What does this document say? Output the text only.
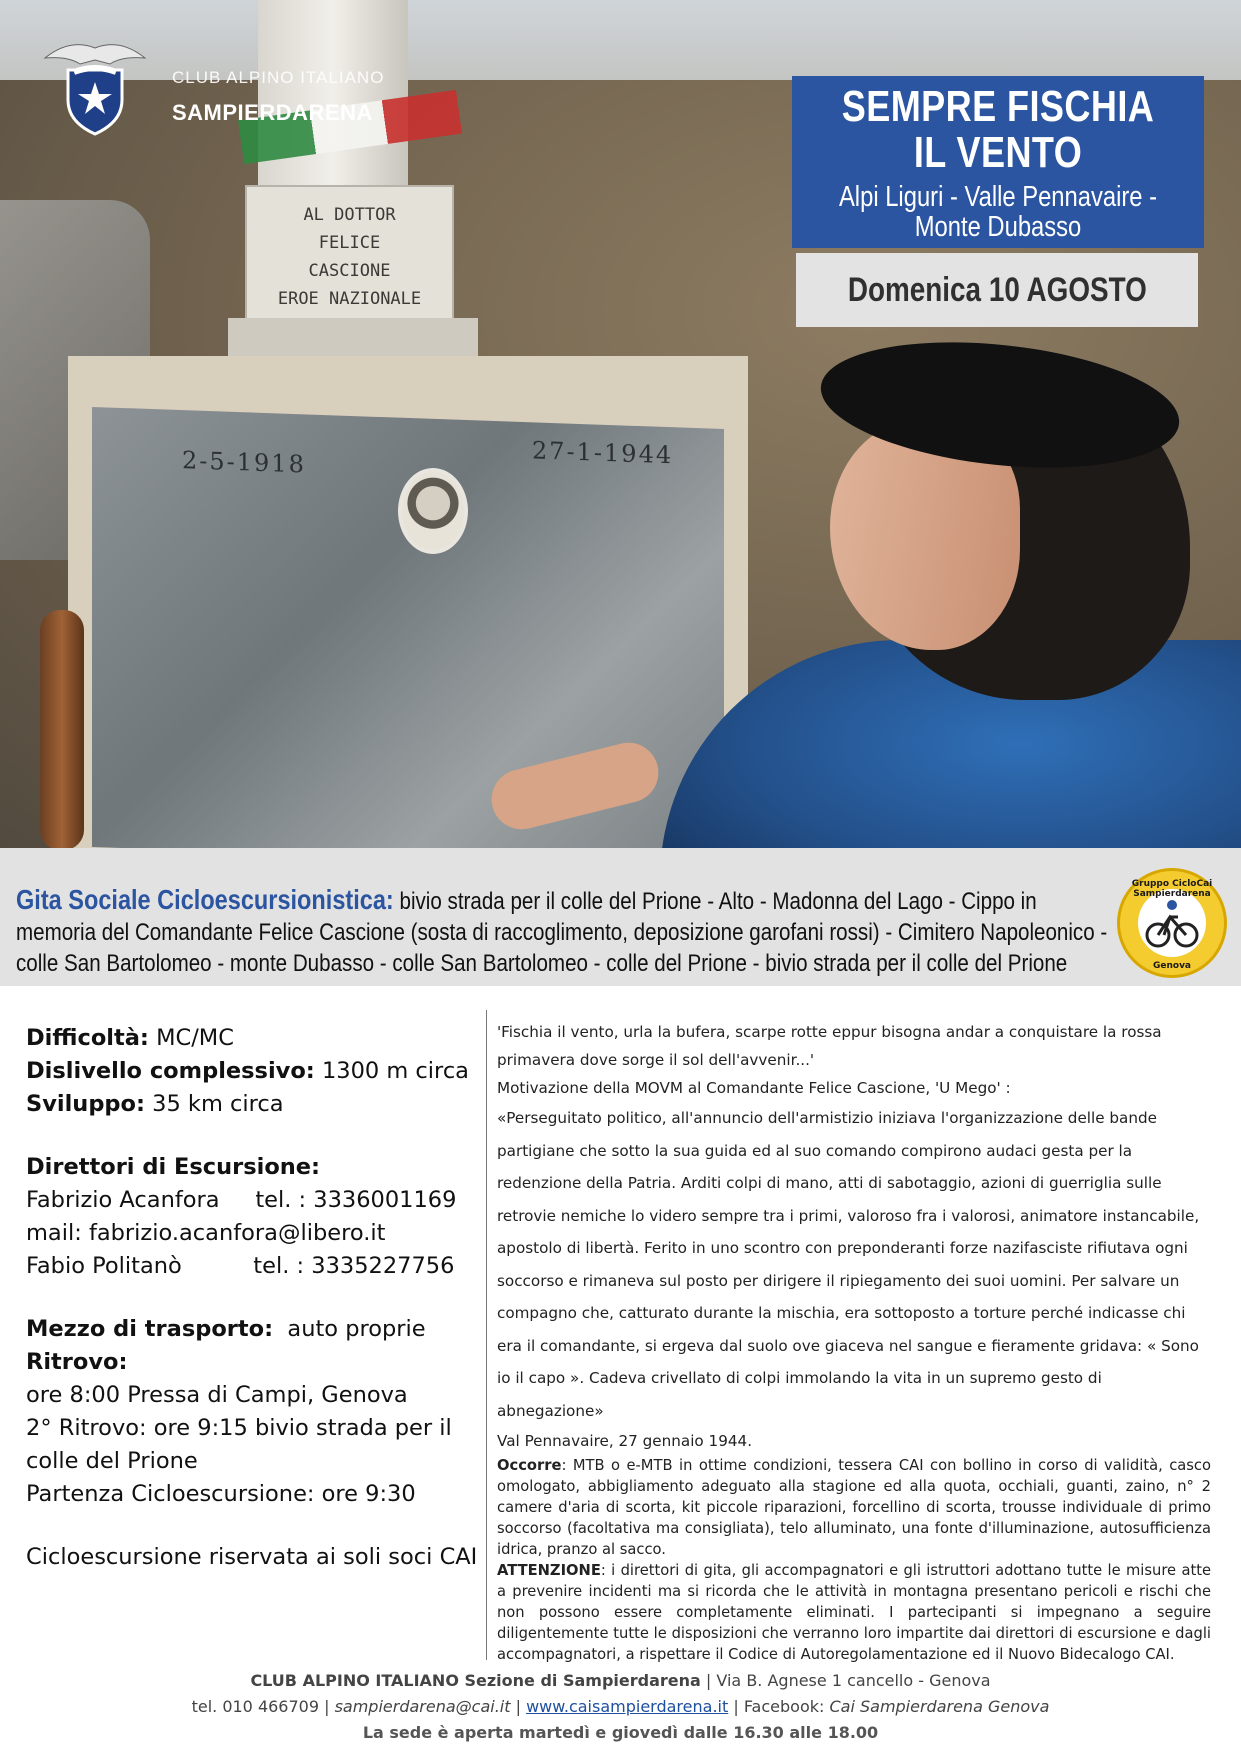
AL DOTTOR
FELICE
CASCIONE
EROE NAZIONALE
2-5-1918	27-1-1944
CLUB ALPINO ITALIANO
SAMPIERDARENA	SEMPRE FISCHIA IL VENTO
Alpi Liguri - Valle Pennavaire - Monte Dubasso
Domenica 10 AGOSTO
Gita Sociale Cicloescursionistica: bivio strada per il colle del Prione - Alto - Madonna del Lago - Cippo in memoria del Comandante Felice Cascione (sosta di raccoglimento, deposizione garofani rossi) - Cimitero Napoleonico - colle San Bartolomeo - monte Dubasso - colle San Bartolomeo - colle del Prione - bivio strada per il colle del Prione
Gruppo CicloCai Sampierdarena
Genova
Difficoltà: MC/MC
Dislivello complessivo: 1300 m circa
Sviluppo: 35 km circa
Direttori di Escursione:
Fabrizio Acanfora     tel. : 3336001169
mail: fabrizio.acanfora@libero.it
Fabio Politanò          tel. : 3335227756
Mezzo di trasporto: auto proprie
Ritrovo:
ore 8:00 Pressa di Campi, Genova
2° Ritrovo: ore 9:15 bivio strada per il colle del Prione
Partenza Cicloescursione: ore 9:30
Cicloescursione riservata ai soli soci CAI

'Fischia il vento, urla la bufera, scarpe rotte eppur bisogna andar a conquistare la rossa primavera dove sorge il sol dell'avvenir...'

Motivazione della MOVM al Comandante Felice Cascione, 'U Mego' :

«Perseguitato politico, all'annuncio dell'armistizio iniziava l'organizzazione delle bande partigiane che sotto la sua guida ed al suo comando compirono audaci gesta per la redenzione della Patria. Arditi colpi di mano, atti di sabotaggio, azioni di guerriglia sulle retrovie nemiche lo videro sempre tra i primi, valoroso fra i valorosi, animatore instancabile, apostolo di libertà. Ferito in uno scontro con preponderanti forze nazifasciste rifiutava ogni soccorso e rimaneva sul posto per dirigere il ripiegamento dei suoi uomini. Per salvare un compagno che, catturato durante la mischia, era sottoposto a torture perché indicasse chi era il comandante, si ergeva dal suolo ove giaceva nel sangue e fieramente gridava: « Sono io il capo ». Cadeva crivellato di colpi immolando la vita in un supremo gesto di abnegazione»

Val Pennavaire, 27 gennaio 1944.

Occorre: MTB o e-MTB in ottime condizioni, tessera CAI con bollino in corso di validità, casco omologato, abbigliamento adeguato alla stagione ed alla quota, occhiali, guanti, zaino, n° 2 camere d'aria di scorta, kit piccole riparazioni, forcellino di scorta, trousse individuale di primo soccorso (facoltativa ma consigliata), telo alluminato, una fonte d'illuminazione, autosufficienza idrica, pranzo al sacco.

ATTENZIONE: i direttori di gita, gli accompagnatori e gli istruttori adottano tutte le misure atte a prevenire incidenti ma si ricorda che le attività in montagna presentano pericoli e rischi che non possono essere completamente eliminati. I partecipanti si impegnano a seguire diligentemente tutte le disposizioni che verranno loro impartite dai direttori di escursione e dagli accompagnatori, a rispettare il Codice di Autoregolamentazione ed il Nuovo Bidecalogo CAI.

CLUB ALPINO ITALIANO Sezione di Sampierdarena | Via B. Agnese 1 cancello - Genova
tel. 010 466709 | sampierdarena@cai.it | www.caisampierdarena.it | Facebook: Cai Sampierdarena Genova
La sede è aperta martedì e giovedì dalle 16.30 alle 18.00
